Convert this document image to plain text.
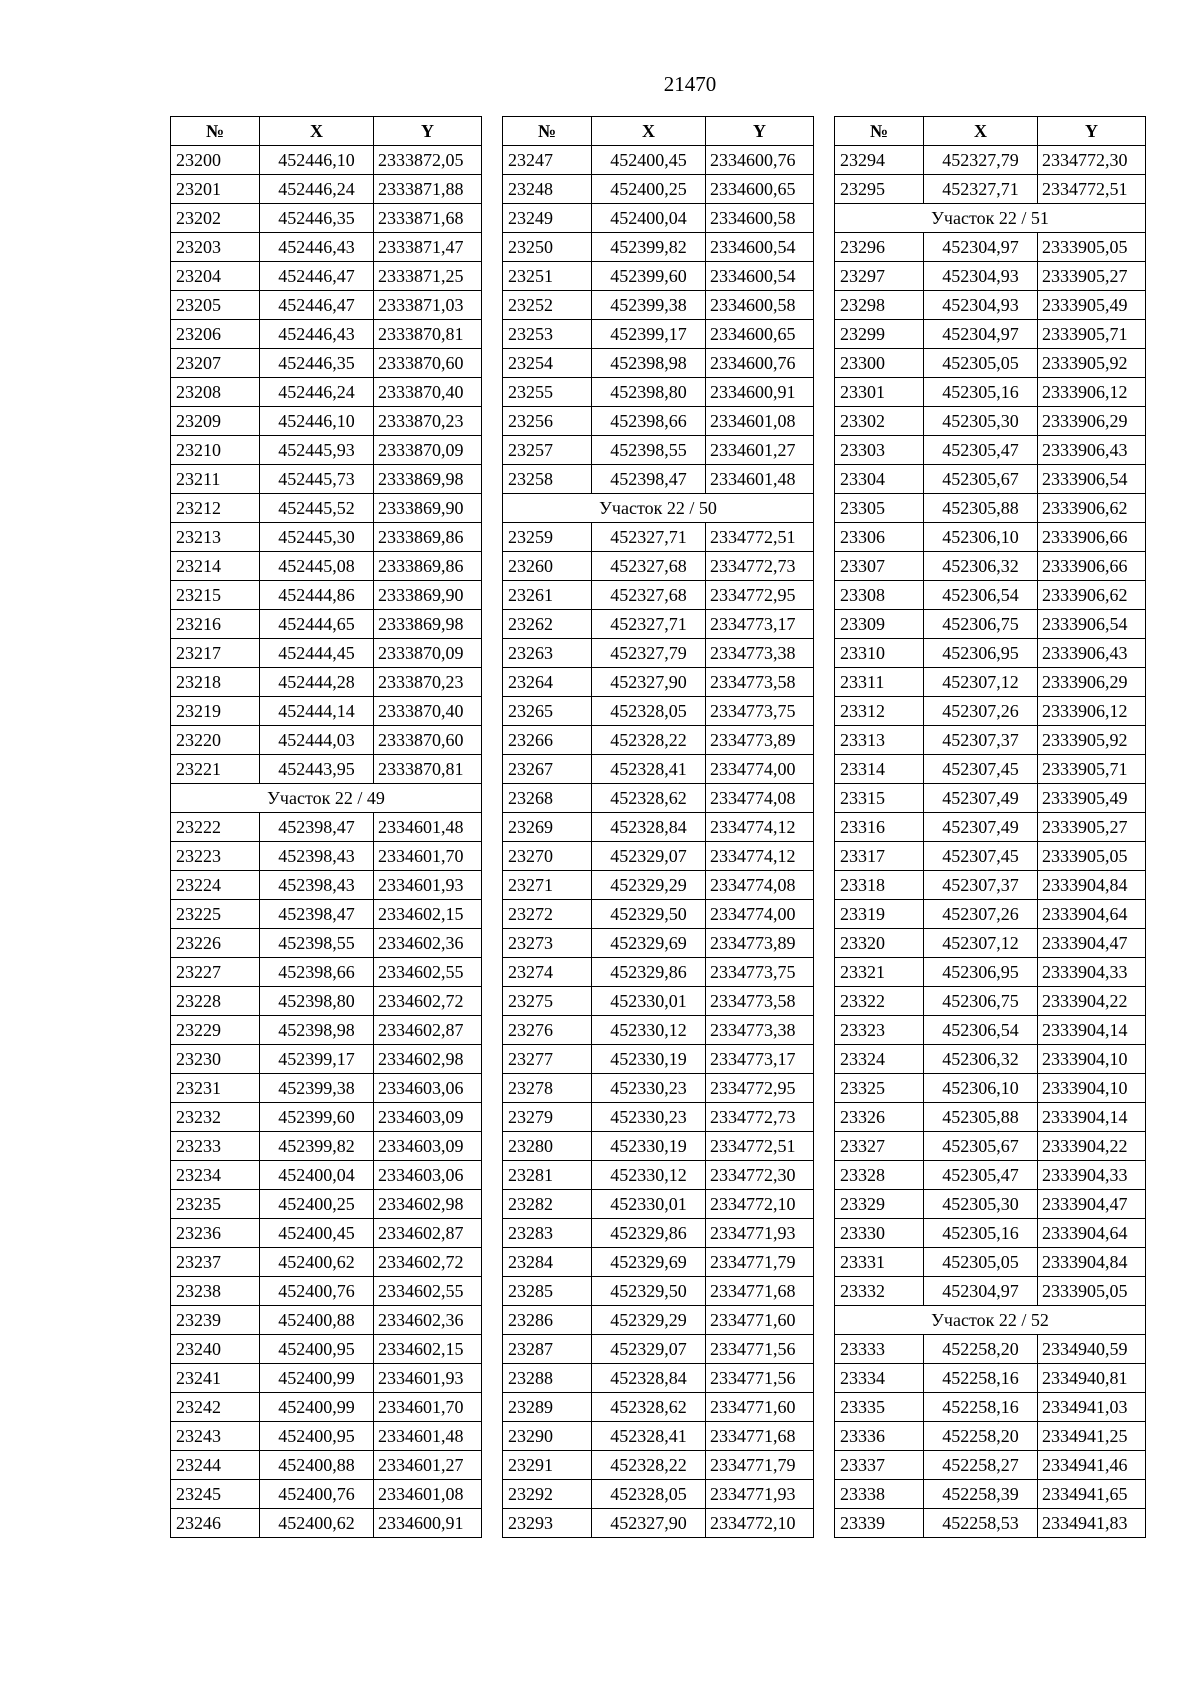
21470
№	X	Y
23200	452446,10	2333872,05
23201	452446,24	2333871,88
23202	452446,35	2333871,68
23203	452446,43	2333871,47
23204	452446,47	2333871,25
23205	452446,47	2333871,03
23206	452446,43	2333870,81
23207	452446,35	2333870,60
23208	452446,24	2333870,40
23209	452446,10	2333870,23
23210	452445,93	2333870,09
23211	452445,73	2333869,98
23212	452445,52	2333869,90
23213	452445,30	2333869,86
23214	452445,08	2333869,86
23215	452444,86	2333869,90
23216	452444,65	2333869,98
23217	452444,45	2333870,09
23218	452444,28	2333870,23
23219	452444,14	2333870,40
23220	452444,03	2333870,60
23221	452443,95	2333870,81
Участок 22 / 49		
23222	452398,47	2334601,48
23223	452398,43	2334601,70
23224	452398,43	2334601,93
23225	452398,47	2334602,15
23226	452398,55	2334602,36
23227	452398,66	2334602,55
23228	452398,80	2334602,72
23229	452398,98	2334602,87
23230	452399,17	2334602,98
23231	452399,38	2334603,06
23232	452399,60	2334603,09
23233	452399,82	2334603,09
23234	452400,04	2334603,06
23235	452400,25	2334602,98
23236	452400,45	2334602,87
23237	452400,62	2334602,72
23238	452400,76	2334602,55
23239	452400,88	2334602,36
23240	452400,95	2334602,15
23241	452400,99	2334601,93
23242	452400,99	2334601,70
23243	452400,95	2334601,48
23244	452400,88	2334601,27
23245	452400,76	2334601,08
23246	452400,62	2334600,91
№	X	Y
23247	452400,45	2334600,76
23248	452400,25	2334600,65
23249	452400,04	2334600,58
23250	452399,82	2334600,54
23251	452399,60	2334600,54
23252	452399,38	2334600,58
23253	452399,17	2334600,65
23254	452398,98	2334600,76
23255	452398,80	2334600,91
23256	452398,66	2334601,08
23257	452398,55	2334601,27
23258	452398,47	2334601,48
Участок 22 / 50		
23259	452327,71	2334772,51
23260	452327,68	2334772,73
23261	452327,68	2334772,95
23262	452327,71	2334773,17
23263	452327,79	2334773,38
23264	452327,90	2334773,58
23265	452328,05	2334773,75
23266	452328,22	2334773,89
23267	452328,41	2334774,00
23268	452328,62	2334774,08
23269	452328,84	2334774,12
23270	452329,07	2334774,12
23271	452329,29	2334774,08
23272	452329,50	2334774,00
23273	452329,69	2334773,89
23274	452329,86	2334773,75
23275	452330,01	2334773,58
23276	452330,12	2334773,38
23277	452330,19	2334773,17
23278	452330,23	2334772,95
23279	452330,23	2334772,73
23280	452330,19	2334772,51
23281	452330,12	2334772,30
23282	452330,01	2334772,10
23283	452329,86	2334771,93
23284	452329,69	2334771,79
23285	452329,50	2334771,68
23286	452329,29	2334771,60
23287	452329,07	2334771,56
23288	452328,84	2334771,56
23289	452328,62	2334771,60
23290	452328,41	2334771,68
23291	452328,22	2334771,79
23292	452328,05	2334771,93
23293	452327,90	2334772,10
№	X	Y
23294	452327,79	2334772,30
23295	452327,71	2334772,51
Участок 22 / 51		
23296	452304,97	2333905,05
23297	452304,93	2333905,27
23298	452304,93	2333905,49
23299	452304,97	2333905,71
23300	452305,05	2333905,92
23301	452305,16	2333906,12
23302	452305,30	2333906,29
23303	452305,47	2333906,43
23304	452305,67	2333906,54
23305	452305,88	2333906,62
23306	452306,10	2333906,66
23307	452306,32	2333906,66
23308	452306,54	2333906,62
23309	452306,75	2333906,54
23310	452306,95	2333906,43
23311	452307,12	2333906,29
23312	452307,26	2333906,12
23313	452307,37	2333905,92
23314	452307,45	2333905,71
23315	452307,49	2333905,49
23316	452307,49	2333905,27
23317	452307,45	2333905,05
23318	452307,37	2333904,84
23319	452307,26	2333904,64
23320	452307,12	2333904,47
23321	452306,95	2333904,33
23322	452306,75	2333904,22
23323	452306,54	2333904,14
23324	452306,32	2333904,10
23325	452306,10	2333904,10
23326	452305,88	2333904,14
23327	452305,67	2333904,22
23328	452305,47	2333904,33
23329	452305,30	2333904,47
23330	452305,16	2333904,64
23331	452305,05	2333904,84
23332	452304,97	2333905,05
Участок 22 / 52		
23333	452258,20	2334940,59
23334	452258,16	2334940,81
23335	452258,16	2334941,03
23336	452258,20	2334941,25
23337	452258,27	2334941,46
23338	452258,39	2334941,65
23339	452258,53	2334941,83
